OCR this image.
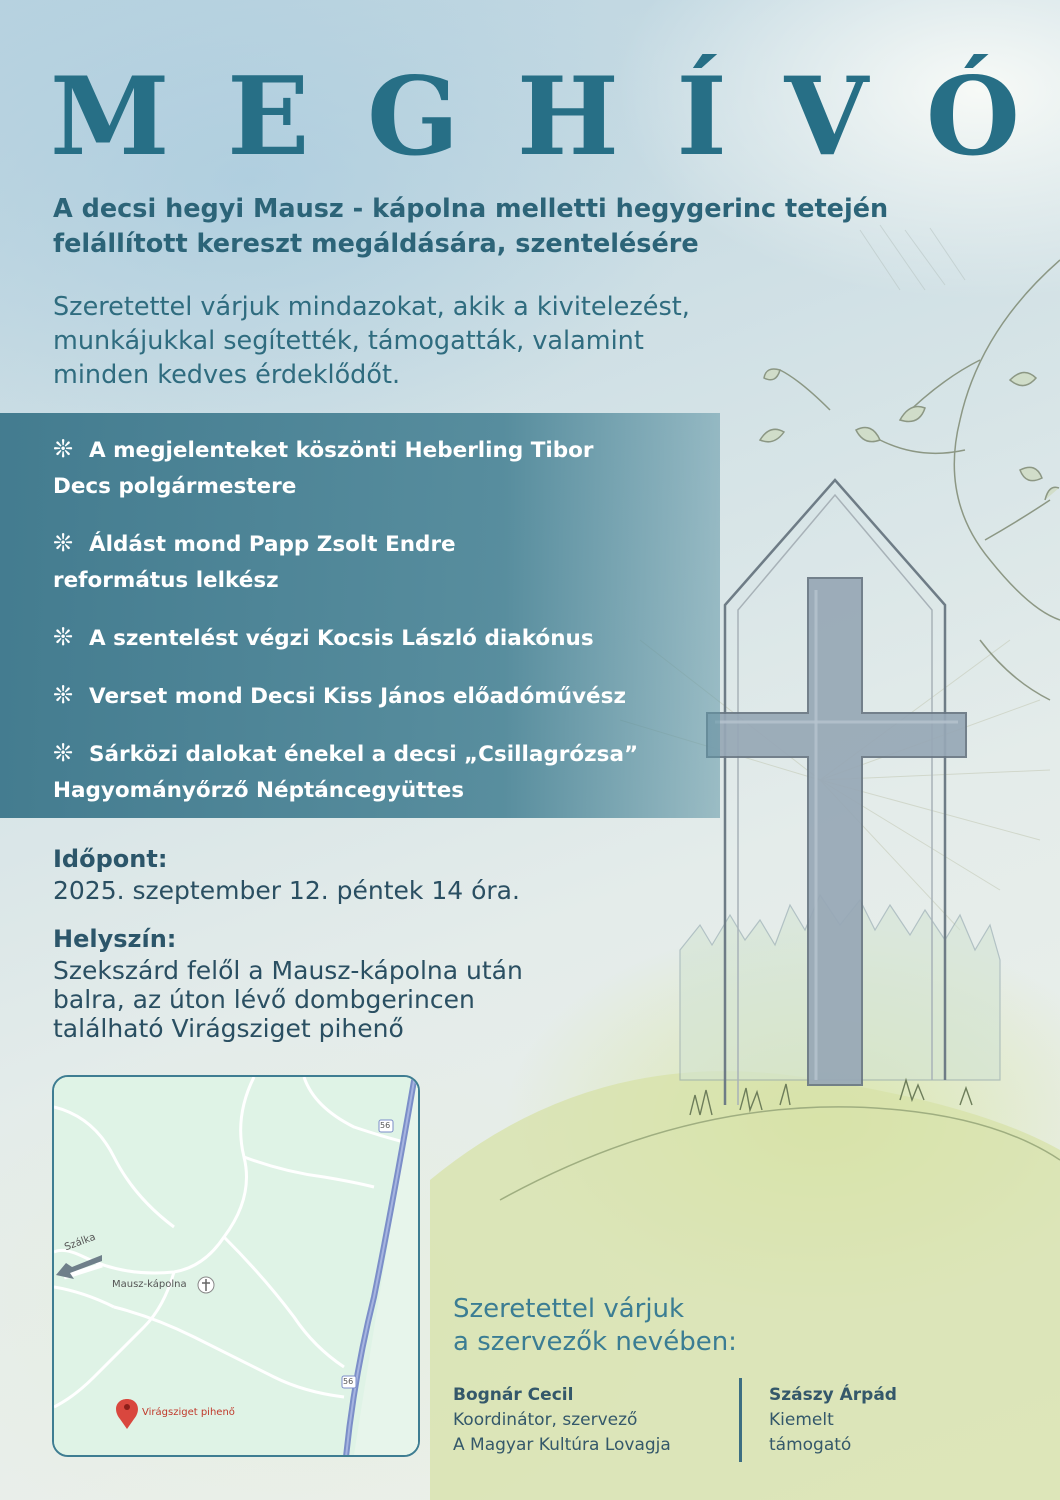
M E G H Í V Ó

A decsi hegyi Mausz - kápolna melletti hegygerinc tetején
felállított kereszt megáldására, szentelésére

Szeretettel várjuk mindazokat, akik a kivitelezést,
munkájukkal segítették, támogatták, valamint
minden kedves érdeklődőt.

❊ A megjelenteket köszönti Heberling Tibor
Decs polgármestere
❊ Áldást mond Papp Zsolt Endre
református lelkész
❊ A szentelést végzi Kocsis László diakónus
❊ Verset mond Decsi Kiss János előadóművész
❊ Sárközi dalokat énekel a decsi „Csillagrózsa”
Hagyományőrző Néptáncegyüttes

Időpont:

2025. szeptember 12. péntek 14 óra.

Helyszín:

Szekszárd felől a Mausz-kápolna után
balra, az úton lévő dombgerincen
található Virágsziget pihenő

56
56
Szálka
Mausz-kápolna
Virágsziget pihenő

Szeretettel várjuk
a szervezők nevében:

Bognár Cecil
Koordinátor, szervező
A Magyar Kultúra Lovagja
Szászy Árpád
Kiemelt
támogató
